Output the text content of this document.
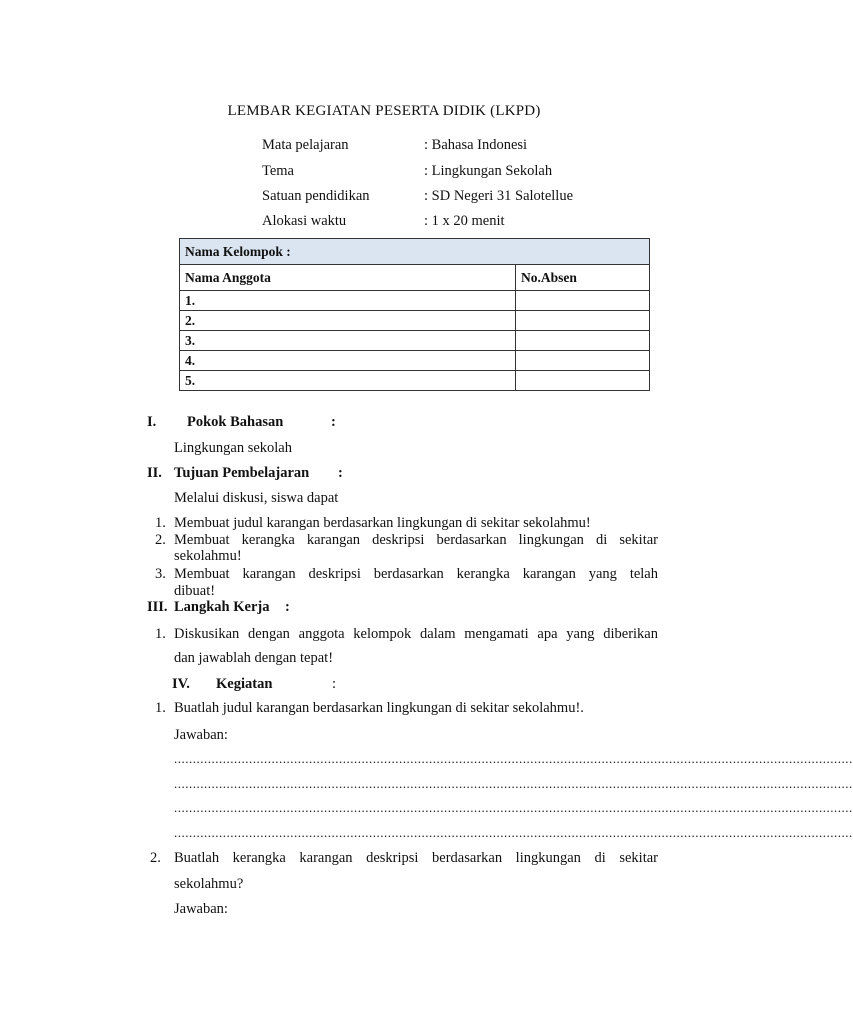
LEMBAR KEGIATAN PESERTA DIDIK (LKPD)
Mata pelajaran	: Bahasa Indonesi
Tema	: Lingkungan Sekolah
Satuan pendidikan	: SD Negeri 31 Salotellue
Alokasi waktu	: 1 x 20 menit
Nama Kelompok :	
Nama Anggota	No.Absen
1.	
2.	
3.	
4.	
5.	
I. Pokok Bahasan	:
Lingkungan sekolah
II. Tujuan Pembelajaran :
Melalui diskusi, siswa dapat
1. Membuat judul karangan berdasarkan lingkungan di sekitar sekolahmu!
2. Membuat kerangka karangan deskripsi berdasarkan lingkungan di sekitar
sekolahmu!
3. Membuat karangan deskripsi berdasarkan kerangka karangan yang telah
dibuat!
III. Langkah Kerja :
1. Diskusikan dengan anggota kelompok dalam mengamati apa yang diberikan
dan jawablah dengan tepat!
IV. Kegiatan	:
1. Buatlah judul karangan berdasarkan lingkungan di sekitar sekolahmu!.
Jawaban:
.....................................................................................................................................................................................
.....................................................................................................................................................................................
.....................................................................................................................................................................................
.....................................................................................................................................................................................
2. Buatlah kerangka karangan deskripsi berdasarkan lingkungan di sekitar
sekolahmu?
Jawaban:
